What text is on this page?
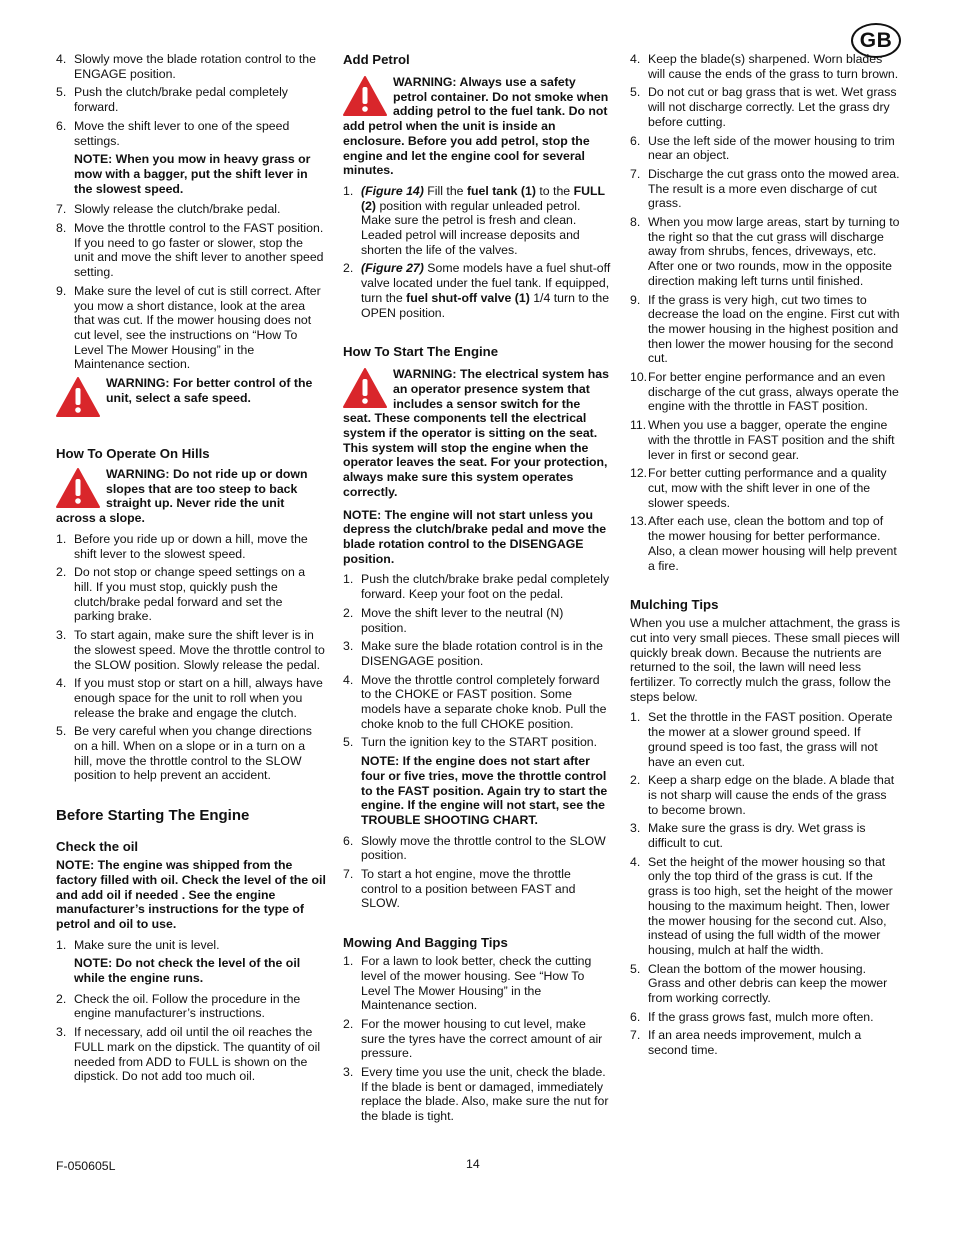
GB
4. Slowly move the blade rotation control to the ENGAGE position.
5. Push the clutch/brake pedal completely forward.
6. Move the shift lever to one of the speed settings.
NOTE: When you mow in heavy grass or mow with a bagger, put the shift lever in the slowest speed.
7. Slowly release the clutch/brake pedal.
8. Move the throttle control to the FAST position. If you need to go faster or slower, stop the unit and move the shift lever to another speed setting.
9. Make sure the level of cut is still correct. After you mow a short distance, look at the area that was cut. If the mower housing does not cut level, see the instructions on “How To Level The Mower Housing” in the Maintenance section.
WARNING: For better control of the unit, select a safe speed.
How To Operate On Hills
WARNING: Do not ride up or down slopes that are too steep to back straight up. Never ride the unit across a slope.
1. Before you ride up or down a hill, move the shift lever to the slowest speed.
2. Do not stop or change speed settings on a hill. If you must stop, quickly push the clutch/brake pedal forward and set the parking brake.
3. To start again, make sure the shift lever is in the slowest speed. Move the throttle control to the SLOW position. Slowly release the pedal.
4. If you must stop or start on a hill, always have enough space for the unit to roll when you release the brake and engage the clutch.
5. Be very careful when you change directions on a hill. When on a slope or in a turn on a hill, move the throttle control to the SLOW position to help prevent an accident.
Before Starting The Engine
Check the oil
NOTE: The engine was shipped from the factory filled with oil. Check the level of the oil and add oil if needed . See the engine manufacturer’s instructions for the type of petrol and oil to use.
1. Make sure the unit is level.
NOTE: Do not check the level of the oil while the engine runs.
2. Check the oil. Follow the procedure in the engine manufacturer’s instructions.
3. If necessary, add oil until the oil reaches the FULL mark on the dipstick. The quantity of oil needed from ADD to FULL is shown on the dipstick. Do not add too much oil.
Add Petrol
WARNING: Always use a safety petrol container. Do not smoke when adding petrol to the fuel tank. Do not add petrol when the unit is inside an enclosure. Before you add petrol, stop the engine and let the engine cool for several minutes.
1. (Figure 14) Fill the fuel tank (1) to the FULL (2) position with regular unleaded petrol. Make sure the petrol is fresh and clean. Leaded petrol will increase deposits and shorten the life of the valves.
2. (Figure 27) Some models have a fuel shut-off valve located under the fuel tank. If equipped, turn the fuel shut-off valve (1) 1/4 turn to the OPEN position.
How To Start The Engine
WARNING: The electrical system has an operator presence system that includes a sensor switch for the seat. These components tell the electrical system if the operator is sitting on the seat. This system will stop the engine when the operator leaves the seat. For your protection, always make sure this system operates correctly.
NOTE: The engine will not start unless you depress the clutch/brake pedal and move the blade rotation control to the DISENGAGE position.
1. Push the clutch/brake brake pedal completely forward. Keep your foot on the pedal.
2. Move the shift lever to the neutral (N) position.
3. Make sure the blade rotation control is in the DISENGAGE position.
4. Move the throttle control completely forward to the CHOKE or FAST position. Some models have a separate choke knob. Pull the choke knob to the full CHOKE position.
5. Turn the ignition key to the START position.
NOTE: If the engine does not start after four or five tries, move the throttle control to the FAST position. Again try to start the engine. If the engine will not start, see the TROUBLE SHOOTING CHART.
6. Slowly move the throttle control to the SLOW position.
7. To start a hot engine, move the throttle control to a position between FAST and SLOW.
Mowing And Bagging Tips
1. For a lawn to look better, check the cutting level of the mower housing. See “How To Level The Mower Housing” in the Maintenance section.
2. For the mower housing to cut level, make sure the tyres have the correct amount of air pressure.
3. Every time you use the unit, check the blade. If the blade is bent or damaged, immediately replace the blade. Also, make sure the nut for the blade is tight.
4. Keep the blade(s) sharpened. Worn blades will cause the ends of the grass to turn brown.
5. Do not cut or bag grass that is wet. Wet grass will not discharge correctly. Let the grass dry before cutting.
6. Use the left side of the mower housing to trim near an object.
7. Discharge the cut grass onto the mowed area. The result is a more even discharge of cut grass.
8. When you mow large areas, start by turning to the right so that the cut grass will discharge away from shrubs, fences, driveways, etc. After one or two rounds, mow in the opposite direction making left turns until finished.
9. If the grass is very high, cut two times to decrease the load on the engine. First cut with the mower housing in the highest position and then lower the mower housing for the second cut.
10. For better engine performance and an even discharge of the cut grass, always operate the engine with the throttle in FAST position.
11. When you use a bagger, operate the engine with the throttle in FAST position and the shift lever in first or second gear.
12. For better cutting performance and a quality cut, mow with the shift lever in one of the slower speeds.
13. After each use, clean the bottom and top of the mower housing for better performance. Also, a clean mower housing will help prevent a fire.
Mulching Tips
When you use a mulcher attachment, the grass is cut into very small pieces. These small pieces will quickly break down. Because the nutrients are returned to the soil, the lawn will need less fertilizer. To correctly mulch the grass, follow the steps below.
1. Set the throttle in the FAST position. Operate the mower at a slower ground speed. If ground speed is too fast, the grass will not have an even cut.
2. Keep a sharp edge on the blade. A blade that is not sharp will cause the ends of the grass to become brown.
3. Make sure the grass is dry. Wet grass is difficult to cut.
4. Set the height of the mower housing so that only the top third of the grass is cut. If the grass is too high, set the height of the mower housing to the maximum height. Then, lower the mower housing for the second cut. Also, instead of using the full width of the mower housing, mulch at half the width.
5. Clean the bottom of the mower housing. Grass and other debris can keep the mower from working correctly.
6. If the grass grows fast, mulch more often.
7. If an area needs improvement, mulch a second time.
F-050605L	14
